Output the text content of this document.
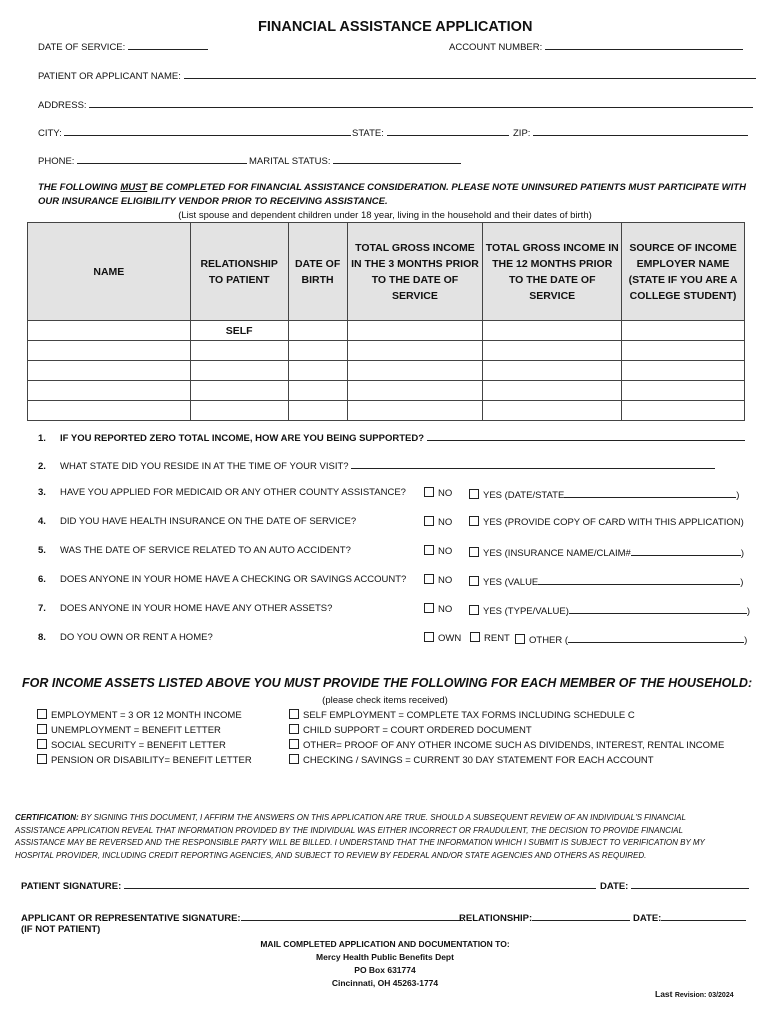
FINANCIAL ASSISTANCE APPLICATION
DATE OF SERVICE:	ACCOUNT NUMBER:
PATIENT OR APPLICANT NAME:
ADDRESS:
CITY:	STATE:	ZIP:
PHONE:	MARITAL STATUS:
THE FOLLOWING MUST BE COMPLETED FOR FINANCIAL ASSISTANCE CONSIDERATION. PLEASE NOTE UNINSURED PATIENTS MUST PARTICIPATE WITH
OUR INSURANCE ELIGIBILITY VENDOR PRIOR TO RECEIVING ASSISTANCE.
(List spouse and dependent children under 18 year, living in the household and their dates of birth)
NAME	RELATIONSHIP TO PATIENT	DATE OF BIRTH	TOTAL GROSS INCOME IN THE 3 MONTHS PRIOR TO THE DATE OF SERVICE	TOTAL GROSS INCOME IN THE 12 MONTHS PRIOR TO THE DATE OF SERVICE	SOURCE OF INCOME EMPLOYER NAME (STATE IF YOU ARE A COLLEGE STUDENT)
	SELF				

1. IF YOU REPORTED ZERO TOTAL INCOME, HOW ARE YOU BEING SUPPORTED?
2. WHAT STATE DID YOU RESIDE IN AT THE TIME OF YOUR VISIT?
3. HAVE YOU APPLIED FOR MEDICAID OR ANY OTHER COUNTY ASSISTANCE?	NO	YES (DATE/STATE	)
4. DID YOU HAVE HEALTH INSURANCE ON THE DATE OF SERVICE?	NO	YES (PROVIDE COPY OF CARD WITH THIS APPLICATION)
5. WAS THE DATE OF SERVICE RELATED TO AN AUTO ACCIDENT?	NO	YES (INSURANCE NAME/CLAIM#	)
6. DOES ANYONE IN YOUR HOME HAVE A CHECKING OR SAVINGS ACCOUNT?	NO	YES (VALUE	)
7. DOES ANYONE IN YOUR HOME HAVE ANY OTHER ASSETS?	NO	YES (TYPE/VALUE)	)
8. DO YOU OWN OR RENT A HOME?	OWN	RENT	OTHER (	)
FOR INCOME ASSETS LISTED ABOVE YOU MUST PROVIDE THE FOLLOWING FOR EACH MEMBER OF THE HOUSEHOLD:
(please check items received)
EMPLOYMENT = 3 OR 12 MONTH INCOME
UNEMPLOYMENT = BENEFIT LETTER
SOCIAL SECURITY = BENEFIT LETTER
PENSION OR DISABILITY= BENEFIT LETTER
SELF EMPLOYMENT = COMPLETE TAX FORMS INCLUDING SCHEDULE C
CHILD SUPPORT = COURT ORDERED DOCUMENT
OTHER= PROOF OF ANY OTHER INCOME SUCH AS DIVIDENDS, INTEREST, RENTAL INCOME
CHECKING / SAVINGS = CURRENT 30 DAY STATEMENT FOR EACH ACCOUNT
CERTIFICATION: BY SIGNING THIS DOCUMENT, I AFFIRM THE ANSWERS ON THIS APPLICATION ARE TRUE. SHOULD A SUBSEQUENT REVIEW OF AN INDIVIDUAL'S FINANCIAL ASSISTANCE APPLICATION REVEAL THAT INFORMATION PROVIDED BY THE INDIVIDUAL WAS EITHER INCORRECT OR FRAUDULENT, THE DECISION TO PROVIDE FINANCIAL ASSISTANCE MAY BE REVERSED AND THE RESPONSIBLE PARTY WILL BE BILLED. I UNDERSTAND THAT THE INFORMATION WHICH I SUBMIT IS SUBJECT TO VERIFICATION BY MY HOSPITAL PROVIDER, INCLUDING CREDIT REPORTING AGENCIES, AND SUBJECT TO REVIEW BY FEDERAL AND/OR STATE AGENCIES AND OTHERS AS REQUIRED.
PATIENT SIGNATURE:	DATE:
APPLICANT OR REPRESENTATIVE SIGNATURE:	RELATIONSHIP:	DATE:
(IF NOT PATIENT)
MAIL COMPLETED APPLICATION AND DOCUMENTATION TO:
Mercy Health Public Benefits Dept
PO Box 631774
Cincinnati, OH 45263-1774
Last Revision: 03/2024
